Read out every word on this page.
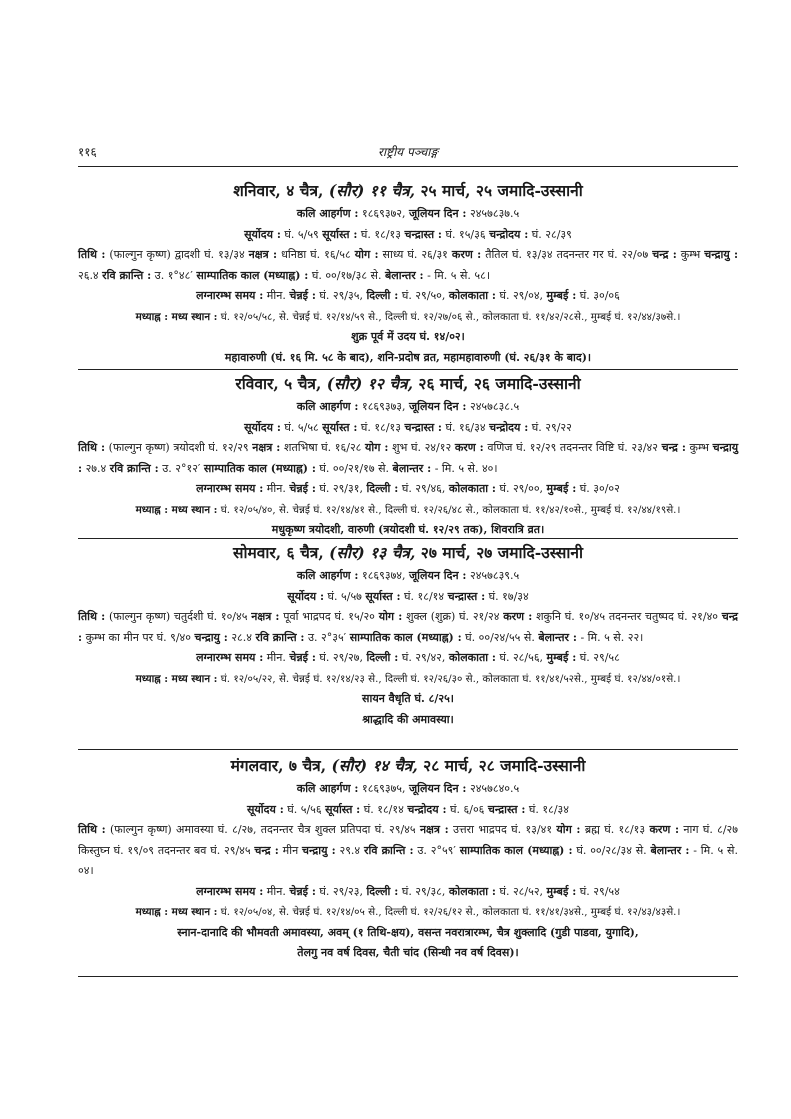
११६	राष्ट्रीय पञ्चाङ्ग
शनिवार, ४ चैत्र, (सौर) ११ चैत्र, २५ मार्च, २५ जमादि-उस्सानी
कलि आहर्गण : १८६९३७२, जूलियन दिन : २४५७८३७.५
सूर्योदय : घं. ५/५९ सूर्यास्त : घं. १८/१३ चन्द्रास्त : घं. १५/३६ चन्द्रोदय : घं. २८/३९
तिथि : (फाल्गुन कृष्ण) द्वादशी घं. १३/३४ नक्षत्र : धनिष्ठा घं. १६/५८ योग : साध्य घं. २६/३१ करण : तैतिल घं. १३/३४ तदनन्तर गर घं. २२/०७ चन्द्र : कुम्भ चन्द्रायु : २६.४ रवि क्रान्ति : उ. १°४८′ साम्पातिक काल (मध्याह्न) : घं. ००/१७/३८ से. बेलान्तर : - मि. ५ से. ५८।
लग्नारम्भ समय : मीन. चेन्नई : घं. २९/३५, दिल्ली : घं. २९/५०, कोलकाता : घं. २९/०४, मुम्बई : घं. ३०/०६
मध्याह्न : मध्य स्थान : घं. १२/०५/५८, से. चेन्नई घं. १२/१४/५९ से., दिल्ली घं. १२/२७/०६ से., कोलकाता घं. ११/४२/२८से., मुम्बई घं. १२/४४/३७से.।
शुक्र पूर्व में उदय घं. १४/०२।
महावारुणी (घं. १६ मि. ५८ के बाद), शनि-प्रदोष व्रत, महामहावारुणी (घं. २६/३१ के बाद)।
रविवार, ५ चैत्र, (सौर) १२ चैत्र, २६ मार्च, २६ जमादि-उस्सानी
कलि आहर्गण : १८६९३७३, जूलियन दिन : २४५७८३८.५
सूर्योदय : घं. ५/५८ सूर्यास्त : घं. १८/१३ चन्द्रास्त : घं. १६/३४ चन्द्रोदय : घं. २९/२२
तिथि : (फाल्गुन कृष्ण) त्रयोदशी घं. १२/२९ नक्षत्र : शतभिषा घं. १६/२८ योग : शुभ घं. २४/१२ करण : वणिज घं. १२/२९ तदनन्तर विष्टि घं. २३/४२ चन्द्र : कुम्भ चन्द्रायु : २७.४ रवि क्रान्ति : उ. २°१२′ साम्पातिक काल (मध्याह्न) : घं. ००/२१/१७ से. बेलान्तर : - मि. ५ से. ४०।
लग्नारम्भ समय : मीन. चेन्नई : घं. २९/३१, दिल्ली : घं. २९/४६, कोलकाता : घं. २९/००, मुम्बई : घं. ३०/०२
मध्याह्न : मध्य स्थान : घं. १२/०५/४०, से. चेन्नई घं. १२/१४/४१ से., दिल्ली घं. १२/२६/४८ से., कोलकाता घं. ११/४२/१०से., मुम्बई घं. १२/४४/१९से.।
मधुकृष्ण त्रयोदशी, वारुणी (त्रयोदशी घं. १२/२९ तक), शिवरात्रि व्रत।
सोमवार, ६ चैत्र, (सौर) १३ चैत्र, २७ मार्च, २७ जमादि-उस्सानी
कलि आहर्गण : १८६९३७४, जूलियन दिन : २४५७८३९.५
सूर्योदय : घं. ५/५७ सूर्यास्त : घं. १८/१४ चन्द्रास्त : घं. १७/३४
तिथि : (फाल्गुन कृष्ण) चतुर्दशी घं. १०/४५ नक्षत्र : पूर्वा भाद्रपद घं. १५/२० योग : शुक्ल (शुक्र) घं. २१/२४ करण : शकुनि घं. १०/४५ तदनन्तर चतुष्पद घं. २१/४० चन्द्र : कुम्भ का मीन पर घं. ९/४० चन्द्रायु : २८.४ रवि क्रान्ति : उ. २°३५′ साम्पातिक काल (मध्याह्न) : घं. ००/२४/५५ से. बेलान्तर : - मि. ५ से. २२।
लग्नारम्भ समय : मीन. चेन्नई : घं. २९/२७, दिल्ली : घं. २९/४२, कोलकाता : घं. २८/५६, मुम्बई : घं. २९/५८
मध्याह्न : मध्य स्थान : घं. १२/०५/२२, से. चेन्नई घं. १२/१४/२३ से., दिल्ली घं. १२/२६/३० से., कोलकाता घं. ११/४१/५२से., मुम्बई घं. १२/४४/०१से.।
सायन वैधृति घं. ८/२५।
श्राद्धादि की अमावस्या।
मंगलवार, ७ चैत्र, (सौर) १४ चैत्र, २८ मार्च, २८ जमादि-उस्सानी
कलि आहर्गण : १८६९३७५, जूलियन दिन : २४५७८४०.५
सूर्योदय : घं. ५/५६ सूर्यास्त : घं. १८/१४ चन्द्रोदय : घं. ६/०६ चन्द्रास्त : घं. १८/३४
तिथि : (फाल्गुन कृष्ण) अमावस्या घं. ८/२७, तदनन्तर चैत्र शुक्ल प्रतिपदा घं. २९/४५ नक्षत्र : उत्तरा भाद्रपद घं. १३/४१ योग : ब्रह्म घं. १८/१३ करण : नाग घं. ८/२७ किस्तुघ्न घं. १९/०९ तदनन्तर बव घं. २९/४५ चन्द्र : मीन चन्द्रायु : २९.४ रवि क्रान्ति : उ. २°५९′ साम्पातिक काल (मध्याह्न) : घं. ००/२८/३४ से. बेलान्तर : - मि. ५ से. ०४।
लग्नारम्भ समय : मीन. चेन्नई : घं. २९/२३, दिल्ली : घं. २९/३८, कोलकाता : घं. २८/५२, मुम्बई : घं. २९/५४
मध्याह्न : मध्य स्थान : घं. १२/०५/०४, से. चेन्नई घं. १२/१४/०५ से., दिल्ली घं. १२/२६/१२ से., कोलकाता घं. ११/४१/३४से., मुम्बई घं. १२/४३/४३से.।
स्नान-दानादि की भौमवती अमावस्या, अवम् (१ तिथि-क्षय), वसन्त नवरात्रारम्भ, चैत्र शुक्लादि (गुडी पाडवा, युगादि),
तेलगु नव वर्ष दिवस, चैती चांद (सिन्धी नव वर्ष दिवस)।
